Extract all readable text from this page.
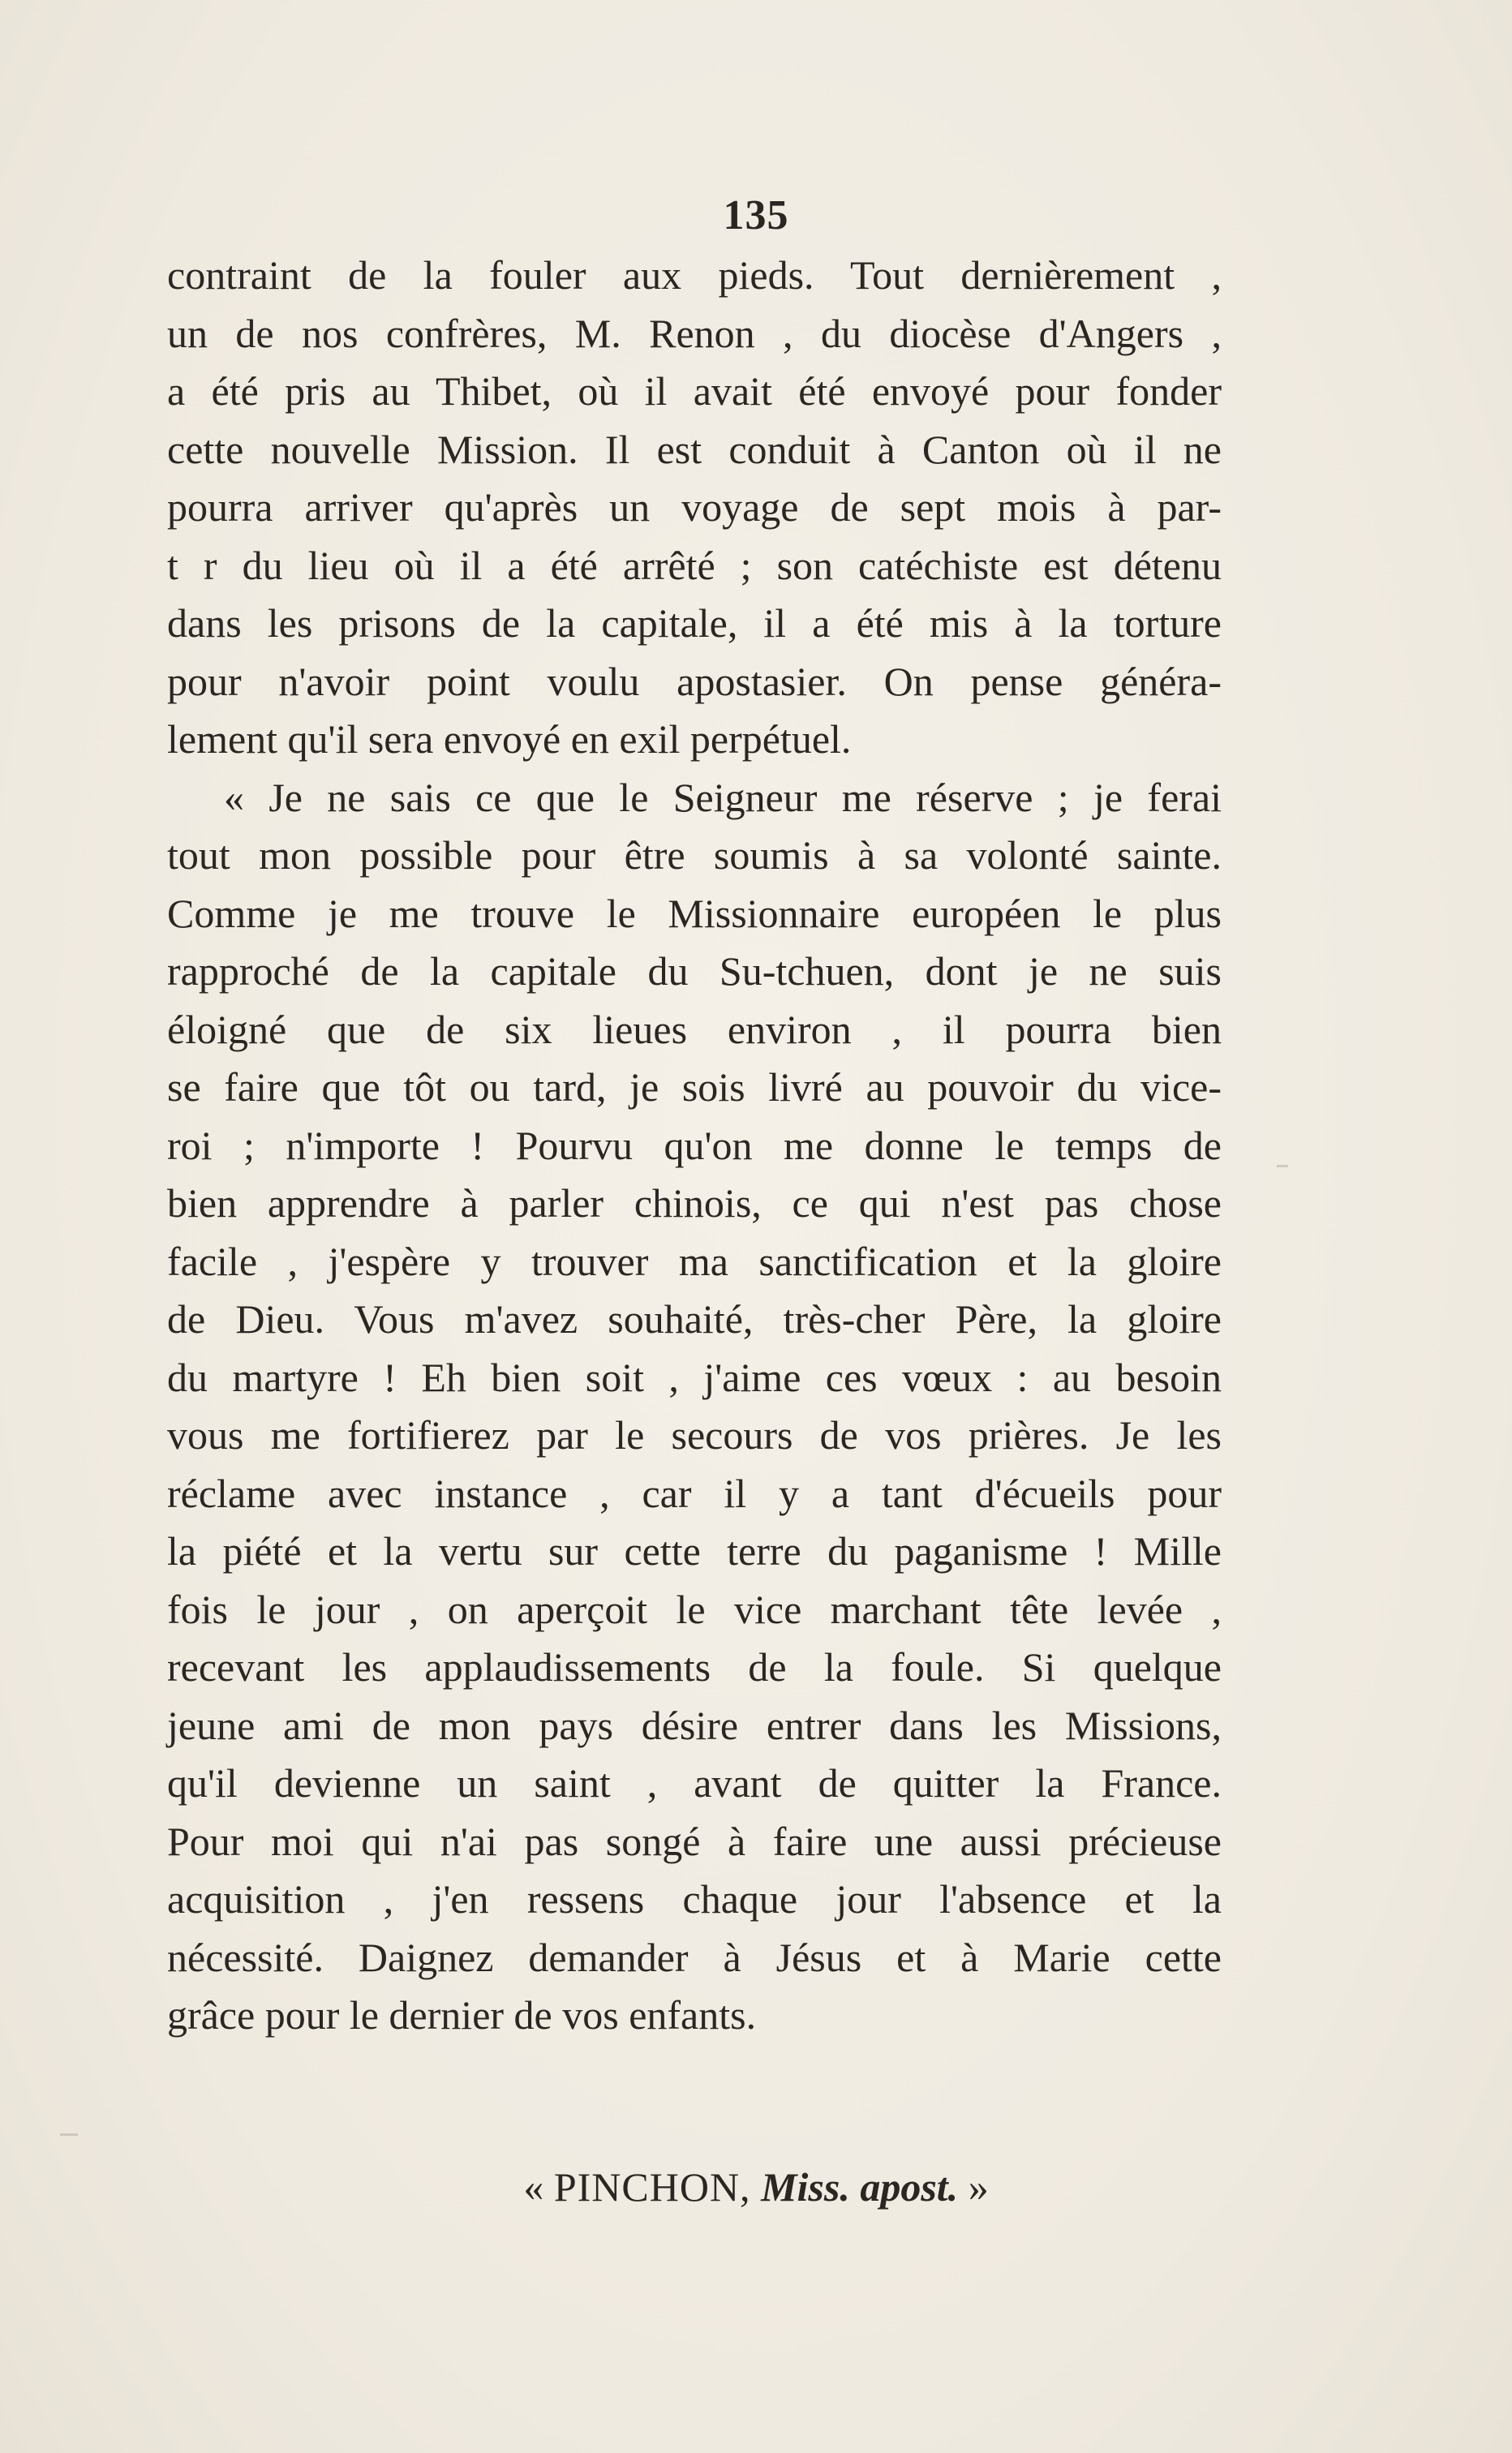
135
contraint de la fouler aux pieds. Tout dernièrement ,
un de nos confrères, M. Renon , du diocèse d'Angers ,
a été pris au Thibet, où il avait été envoyé pour fonder
cette nouvelle Mission. Il est conduit à Canton où il ne
pourra arriver qu'après un voyage de sept mois à par-
t r du lieu où il a été arrêté ; son catéchiste est détenu
dans les prisons de la capitale, il a été mis à la torture
pour n'avoir point voulu apostasier. On pense généra-
lement qu'il sera envoyé en exil perpétuel.
« Je ne sais ce que le Seigneur me réserve ; je ferai
tout mon possible pour être soumis à sa volonté sainte.
Comme je me trouve le Missionnaire européen le plus
rapproché de la capitale du Su-tchuen, dont je ne suis
éloigné que de six lieues environ , il pourra bien
se faire que tôt ou tard, je sois livré au pouvoir du vice-
roi ; n'importe ! Pourvu qu'on me donne le temps de
bien apprendre à parler chinois, ce qui n'est pas chose
facile , j'espère y trouver ma sanctification et la gloire
de Dieu. Vous m'avez souhaité, très-cher Père, la gloire
du martyre ! Eh bien soit , j'aime ces vœux : au besoin
vous me fortifierez par le secours de vos prières. Je les
réclame avec instance , car il y a tant d'écueils pour
la piété et la vertu sur cette terre du paganisme ! Mille
fois le jour , on aperçoit le vice marchant tête levée ,
recevant les applaudissements de la foule. Si quelque
jeune ami de mon pays désire entrer dans les Missions,
qu'il devienne un saint , avant de quitter la France.
Pour moi qui n'ai pas songé à faire une aussi précieuse
acquisition , j'en ressens chaque jour l'absence et la
nécessité. Daignez demander à Jésus et à Marie cette
grâce pour le dernier de vos enfants.
« PINCHON, Miss. apost. »
